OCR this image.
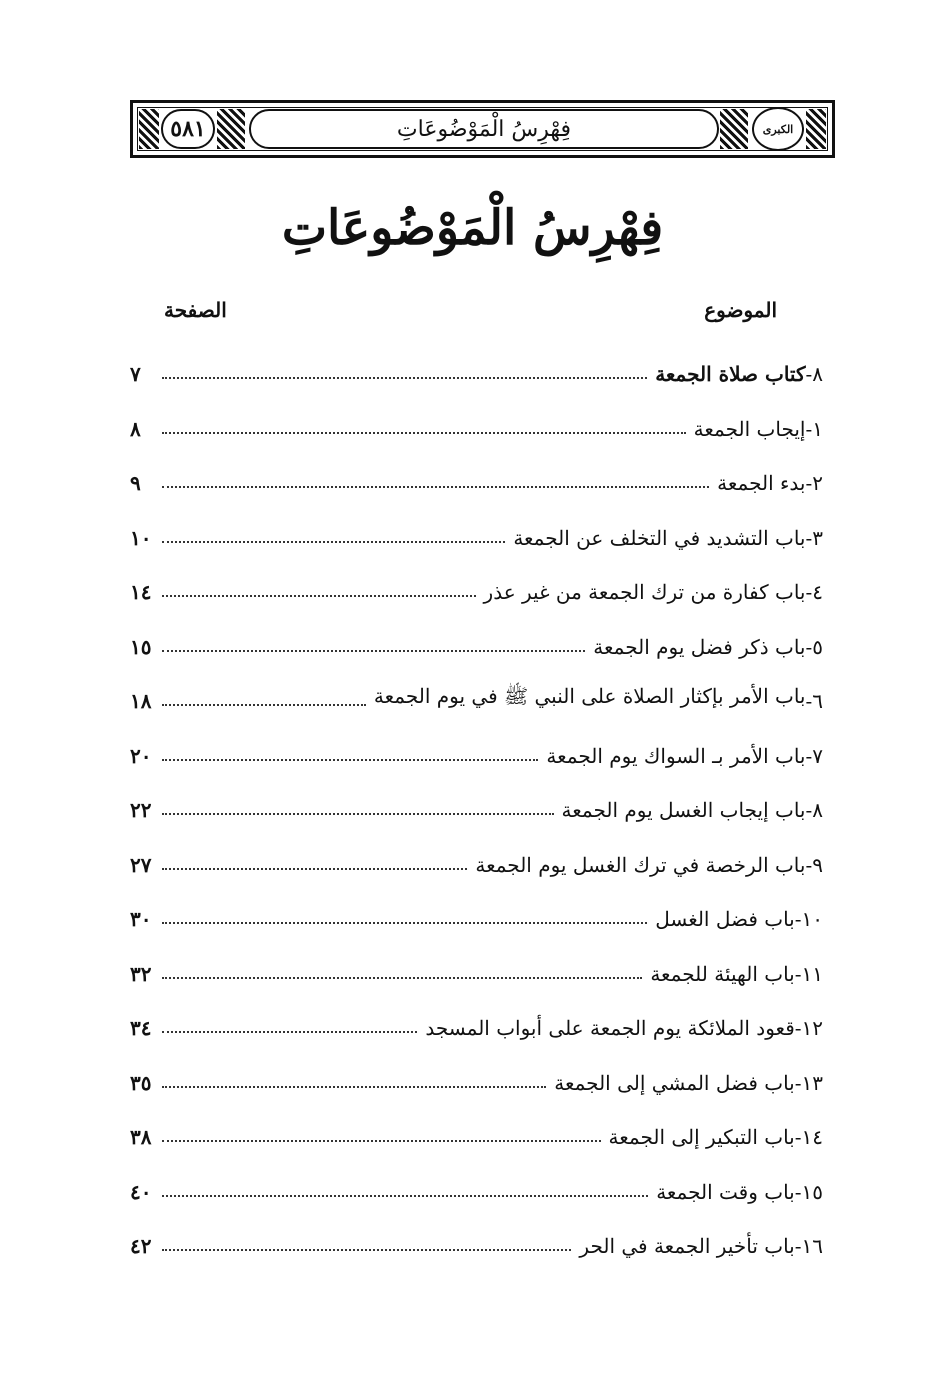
٥٨١	فِهْرِسُ الْمَوْضُوعَاتِ	الكبرى
فِهْرِسُ الْمَوْضُوعَاتِ
الموضوع
الصفحة
٨-
كتاب صلاة الجمعة
٧
١-
إيجاب الجمعة
٨
٢-
بدء الجمعة
٩
٣-
باب التشديد في التخلف عن الجمعة
١٠
٤-
باب كفارة من ترك الجمعة من غير عذر
١٤
٥-
باب ذكر فضل يوم الجمعة
١٥
٦-
باب الأمر بإكثار الصلاة على النبي ﷺ في يوم الجمعة
١٨
٧-
باب الأمر بـ السواك يوم الجمعة
٢٠
٨-
باب إيجاب الغسل يوم الجمعة
٢٢
٩-
باب الرخصة في ترك الغسل يوم الجمعة
٢٧
١٠-
باب فضل الغسل
٣٠
١١-
باب الهيئة للجمعة
٣٢
١٢-
قعود الملائكة يوم الجمعة على أبواب المسجد
٣٤
١٣-
باب فضل المشي إلى الجمعة
٣٥
١٤-
باب التبكير إلى الجمعة
٣٨
١٥-
باب وقت الجمعة
٤٠
١٦-
باب تأخير الجمعة في الحر
٤٢
